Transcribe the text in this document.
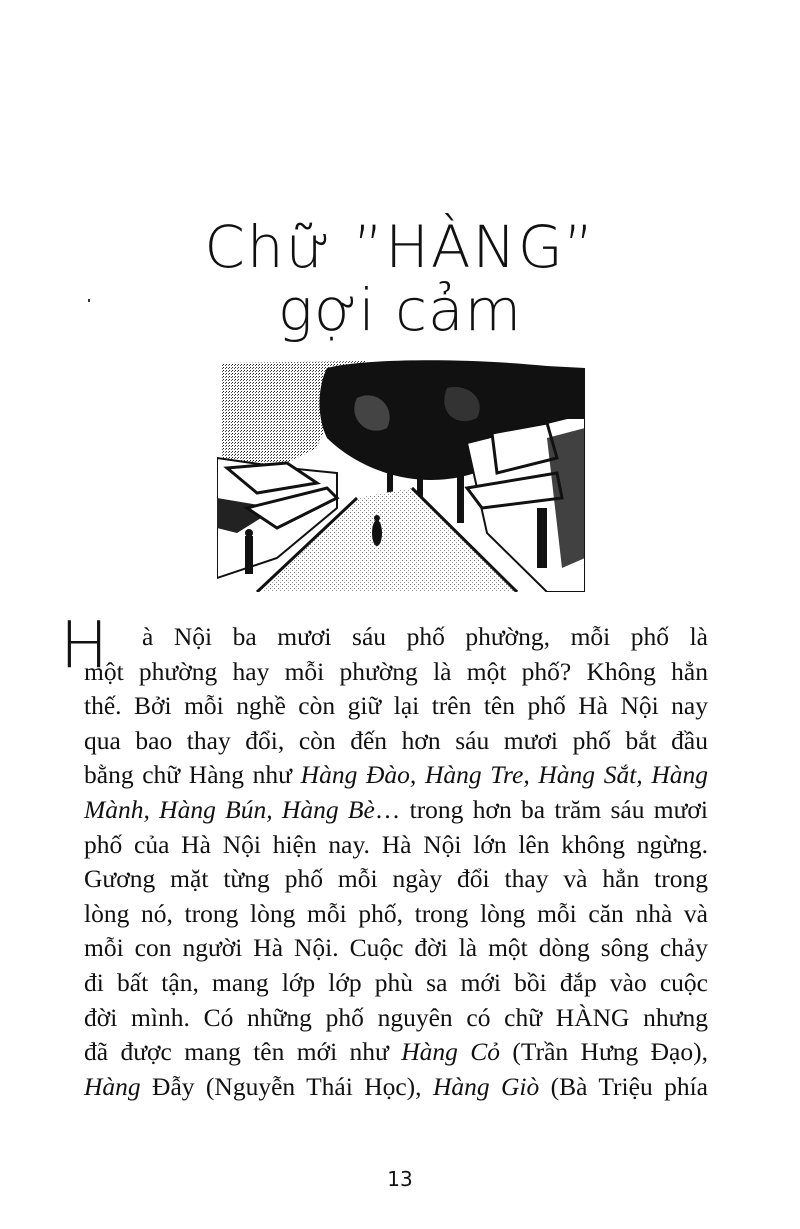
Chữ ”HÀNG”
gợi cảm
H	à Nội ba mươi sáu phố phường, mỗi phố là
một phường hay mỗi phường là một phố? Không hẳn
thế. Bởi mỗi nghề còn giữ lại trên tên phố Hà Nội nay
qua bao thay đổi, còn đến hơn sáu mươi phố bắt đầu
bằng chữ Hàng như Hàng Đào, Hàng Tre, Hàng Sắt, Hàng
Mành, Hàng Bún, Hàng Bè… trong hơn ba trăm sáu mươi
phố của Hà Nội hiện nay. Hà Nội lớn lên không ngừng.
Gương mặt từng phố mỗi ngày đổi thay và hẳn trong
lòng nó, trong lòng mỗi phố, trong lòng mỗi căn nhà và
mỗi con người Hà Nội. Cuộc đời là một dòng sông chảy
đi bất tận, mang lớp lớp phù sa mới bồi đắp vào cuộc
đời mình. Có những phố nguyên có chữ HÀNG nhưng
đã được mang tên mới như Hàng Cỏ (Trần Hưng Đạo),
Hàng Đẫy (Nguyễn Thái Học), Hàng Giò (Bà Triệu phía
13
